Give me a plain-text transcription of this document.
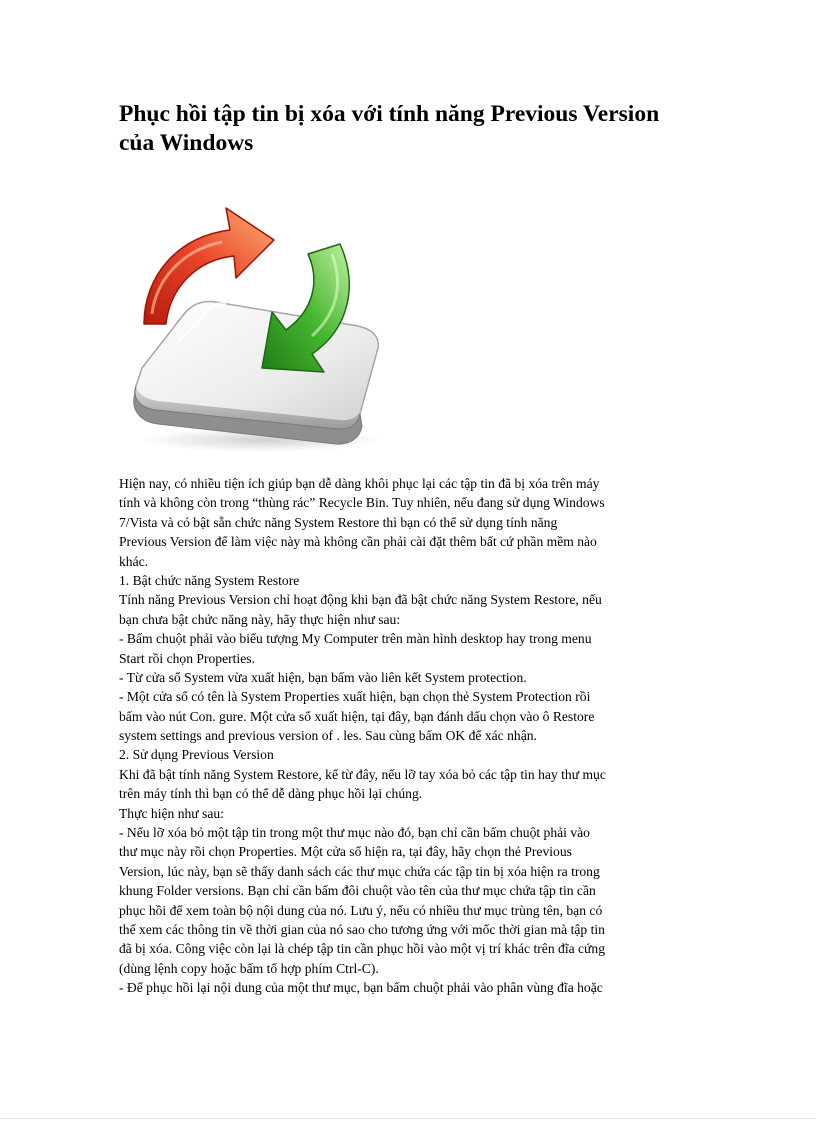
Phục hồi tập tin bị xóa với tính năng Previous Version
của Windows
Hiện nay, có nhiều tiện ích giúp bạn dễ dàng khôi phục lại các tập tin đã bị xóa trên máy
tính và không còn trong “thùng rác” Recycle Bin. Tuy nhiên, nếu đang sử dụng Windows
7/Vista và có bật sẵn chức năng System Restore thì bạn có thể sử dụng tính năng
Previous Version để làm việc này mà không cần phải cài đặt thêm bất cứ phần mềm nào
khác.
1. Bật chức năng System Restore
Tính năng Previous Version chỉ hoạt động khi bạn đã bật chức năng System Restore, nếu
bạn chưa bật chức năng này, hãy thực hiện như sau:
- Bấm chuột phải vào biểu tượng My Computer trên màn hình desktop hay trong menu
Start rồi chọn Properties.
- Từ cửa sổ System vừa xuất hiện, bạn bấm vào liên kết System protection.
- Một cửa sổ có tên là System Properties xuất hiện, bạn chọn thẻ System Protection rồi
bấm vào nút Con. gure. Một cửa sổ xuất hiện, tại đây, bạn đánh dấu chọn vào ô Restore
system settings and previous version of . les. Sau cùng bấm OK để xác nhận.
2. Sử dụng Previous Version
Khi đã bật tính năng System Restore, kể từ đây, nếu lỡ tay xóa bỏ các tập tin hay thư mục
trên máy tính thì bạn có thể dễ dàng phục hồi lại chúng.
Thực hiện như sau:
- Nếu lỡ xóa bỏ một tập tin trong một thư mục nào đó, bạn chỉ cần bấm chuột phải vào
thư mục này rồi chọn Properties. Một cửa sổ hiện ra, tại đây, hãy chọn thẻ Previous
Version, lúc này, bạn sẽ thấy danh sách các thư mục chứa các tập tin bị xóa hiện ra trong
khung Folder versions. Bạn chỉ cần bấm đôi chuột vào tên của thư mục chứa tập tin cần
phục hồi để xem toàn bộ nội dung của nó. Lưu ý, nếu có nhiều thư mục trùng tên, bạn có
thể xem các thông tin về thời gian của nó sao cho tương ứng với mốc thời gian mà tập tin
đã bị xóa. Công việc còn lại là chép tập tin cần phục hồi vào một vị trí khác trên đĩa cứng
(dùng lệnh copy hoặc bấm tổ hợp phím Ctrl-C).
- Để phục hồi lại nội dung của một thư mục, bạn bấm chuột phải vào phân vùng đĩa hoặc
